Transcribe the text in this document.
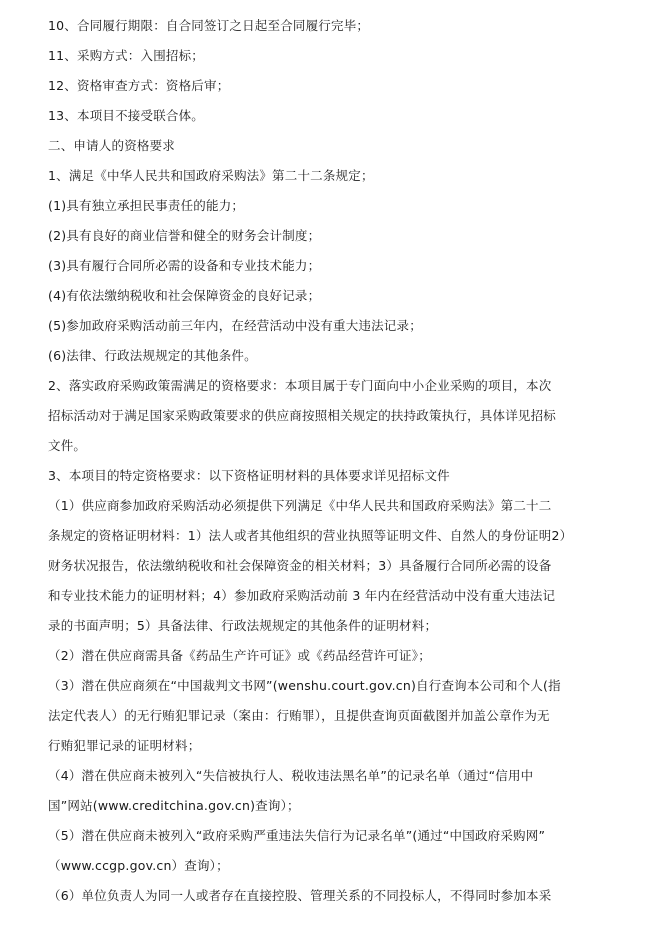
10、合同履行期限：自合同签订之日起至合同履行完毕；
11、采购方式：入围招标；
12、资格审查方式：资格后审；
13、本项目不接受联合体。
二、申请人的资格要求
1、满足《中华人民共和国政府采购法》第二十二条规定；
(1)具有独立承担民事责任的能力；
(2)具有良好的商业信誉和健全的财务会计制度；
(3)具有履行合同所必需的设备和专业技术能力；
(4)有依法缴纳税收和社会保障资金的良好记录；
(5)参加政府采购活动前三年内，在经营活动中没有重大违法记录；
(6)法律、行政法规规定的其他条件。
2、落实政府采购政策需满足的资格要求：本项目属于专门面向中小企业采购的项目，本次
招标活动对于满足国家采购政策要求的供应商按照相关规定的扶持政策执行，具体详见招标
文件。
3、本项目的特定资格要求：以下资格证明材料的具体要求详见招标文件
（1）供应商参加政府采购活动必须提供下列满足《中华人民共和国政府采购法》第二十二
条规定的资格证明材料：1）法人或者其他组织的营业执照等证明文件、自然人的身份证明2）
财务状况报告，依法缴纳税收和社会保障资金的相关材料；3）具备履行合同所必需的设备
和专业技术能力的证明材料；4）参加政府采购活动前 3 年内在经营活动中没有重大违法记
录的书面声明；5）具备法律、行政法规规定的其他条件的证明材料；
（2）潜在供应商需具备《药品生产许可证》或《药品经营许可证》；
（3）潜在供应商须在“中国裁判文书网”(wenshu.court.gov.cn)自行查询本公司和个人(指
法定代表人）的无行贿犯罪记录（案由：行贿罪），且提供查询页面截图并加盖公章作为无
行贿犯罪记录的证明材料；
（4）潜在供应商未被列入“失信被执行人、税收违法黑名单”的记录名单（通过“信用中
国”网站(www.creditchina.gov.cn)查询）；
（5）潜在供应商未被列入“政府采购严重违法失信行为记录名单”(通过“中国政府采购网”
（www.ccgp.gov.cn）查询）；
（6）单位负责人为同一人或者存在直接控股、管理关系的不同投标人，不得同时参加本采
